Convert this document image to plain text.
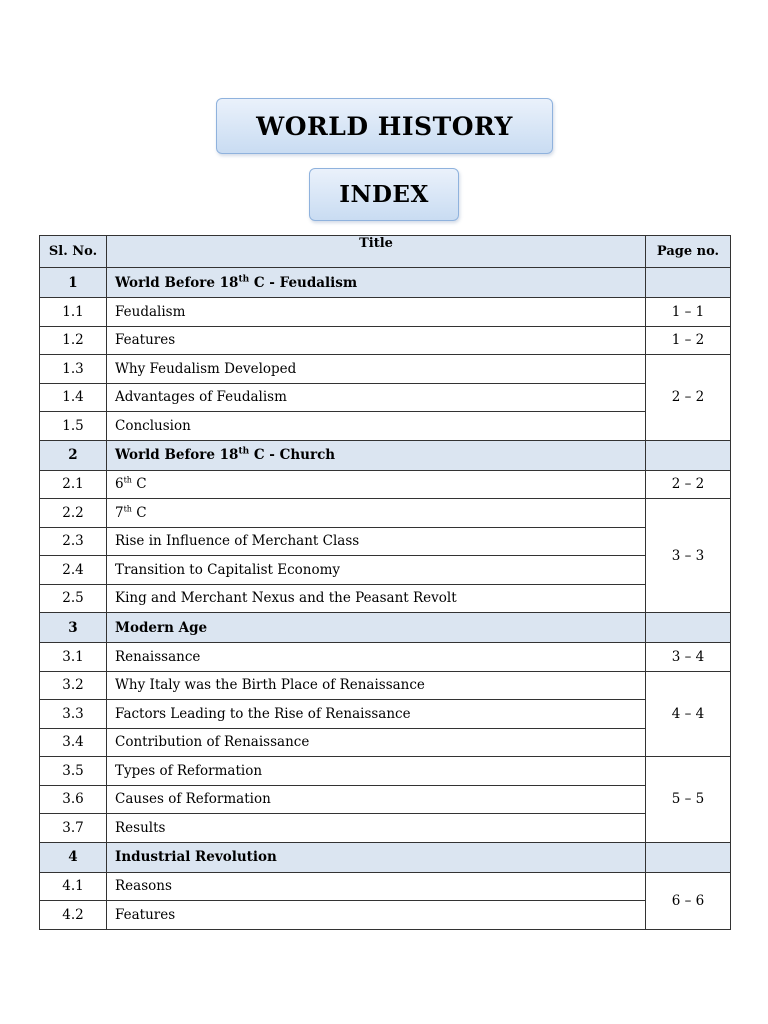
WORLD HISTORY
INDEX
Sl. No.	Title	Page no.
1	World Before 18th C - Feudalism	
1.1	Feudalism	1 – 1
1.2	Features	1 – 2
1.3	Why Feudalism Developed	2 – 2
1.4	Advantages of Feudalism	
1.5	Conclusion	
2	World Before 18th C - Church	
2.1	6th C	2 – 2
2.2	7th C	3 – 3
2.3	Rise in Influence of Merchant Class	
2.4	Transition to Capitalist Economy	
2.5	King and Merchant Nexus and the Peasant Revolt	
3	Modern Age	
3.1	Renaissance	3 – 4
3.2	Why Italy was the Birth Place of Renaissance	4 – 4
3.3	Factors Leading to the Rise of Renaissance	
3.4	Contribution of Renaissance	
3.5	Types of Reformation	5 – 5
3.6	Causes of Reformation	
3.7	Results	
4	Industrial Revolution	
4.1	Reasons	6 – 6
4.2	Features	
